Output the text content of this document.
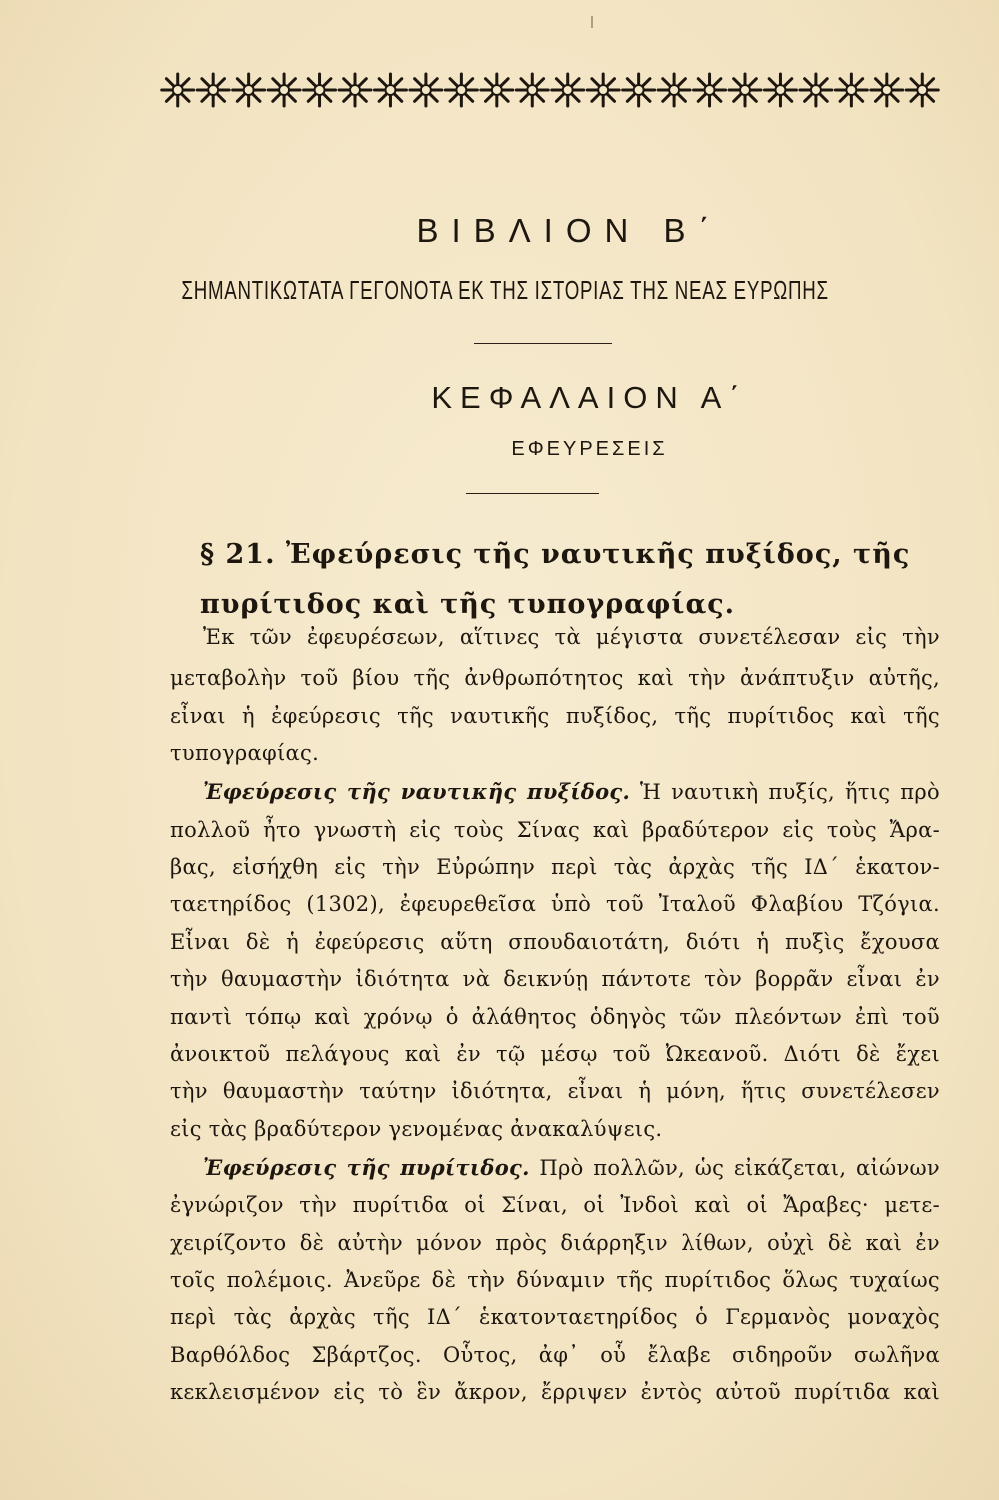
ΒΙΒΛΙΟΝ Β΄
ΣΗΜΑΝΤΙΚΩΤΑΤΑ ΓΕΓΟΝΟΤΑ ΕΚ ΤΗΣ ΙΣΤΟΡΙΑΣ ΤΗΣ ΝΕΑΣ ΕΥΡΩΠΗΣ
ΚΕΦΑΛΑΙΟΝ Α΄
ΕΦΕΥΡΕΣΕΙΣ
§ 21. Ἐφεύρεσις τῆς ναυτικῆς πυξίδος, τῆς
πυρίτιδος καὶ τῆς τυπογραφίας.
Ἐκ τῶν ἐφευρέσεων, αἵτινες τὰ μέγιστα συνετέλεσαν εἰς τὴν
μεταβολὴν τοῦ βίου τῆς ἀνθρωπότητος καὶ τὴν ἀνάπτυξιν αὐτῆς,
εἶναι ἡ ἐφεύρεσις τῆς ναυτικῆς πυξίδος, τῆς πυρίτιδος καὶ τῆς
τυπογραφίας.
Ἐφεύρεσις τῆς ναυτικῆς πυξίδος. Ἡ ναυτικὴ πυξίς, ἥτις πρὸ
πολλοῦ ἦτο γνωστὴ εἰς τοὺς Σίνας καὶ βραδύτερον εἰς τοὺς Ἄρα-
βας, εἰσήχθη εἰς τὴν Εὐρώπην περὶ τὰς ἀρχὰς τῆς ΙΔ΄ ἑκατον-
ταετηρίδος (1302), ἐφευρεθεῖσα ὑπὸ τοῦ Ἰταλοῦ Φλαβίου Τζόγια.
Εἶναι δὲ ἡ ἐφεύρεσις αὕτη σπουδαιοτάτη, διότι ἡ πυξὶς ἔχουσα
τὴν θαυμαστὴν ἰδιότητα νὰ δεικνύῃ πάντοτε τὸν βορρᾶν εἶναι ἐν
παντὶ τόπῳ καὶ χρόνῳ ὁ ἀλάθητος ὁδηγὸς τῶν πλεόντων ἐπὶ τοῦ
ἀνοικτοῦ πελάγους καὶ ἐν τῷ μέσῳ τοῦ Ὠκεανοῦ. Διότι δὲ ἔχει
τὴν θαυμαστὴν ταύτην ἰδιότητα, εἶναι ἡ μόνη, ἥτις συνετέλεσεν
εἰς τὰς βραδύτερον γενομένας ἀνακαλύψεις.
Ἐφεύρεσις τῆς πυρίτιδος. Πρὸ πολλῶν, ὡς εἰκάζεται, αἰώνων
ἐγνώριζον τὴν πυρίτιδα οἱ Σίναι, οἱ Ἰνδοὶ καὶ οἱ Ἄραβες· μετε-
χειρίζοντο δὲ αὐτὴν μόνον πρὸς διάρρηξιν λίθων, οὐχὶ δὲ καὶ ἐν
τοῖς πολέμοις. Ἀνεῦρε δὲ τὴν δύναμιν τῆς πυρίτιδος ὅλως τυχαίως
περὶ τὰς ἀρχὰς τῆς ΙΔ΄ ἑκατονταετηρίδος ὁ Γερμανὸς μοναχὸς
Βαρθόλδος Σβάρτζος. Οὗτος, ἀφ᾽ οὗ ἔλαβε σιδηροῦν σωλῆνα
κεκλεισμένον εἰς τὸ ἓν ἄκρον, ἔρριψεν ἐντὸς αὐτοῦ πυρίτιδα καὶ
